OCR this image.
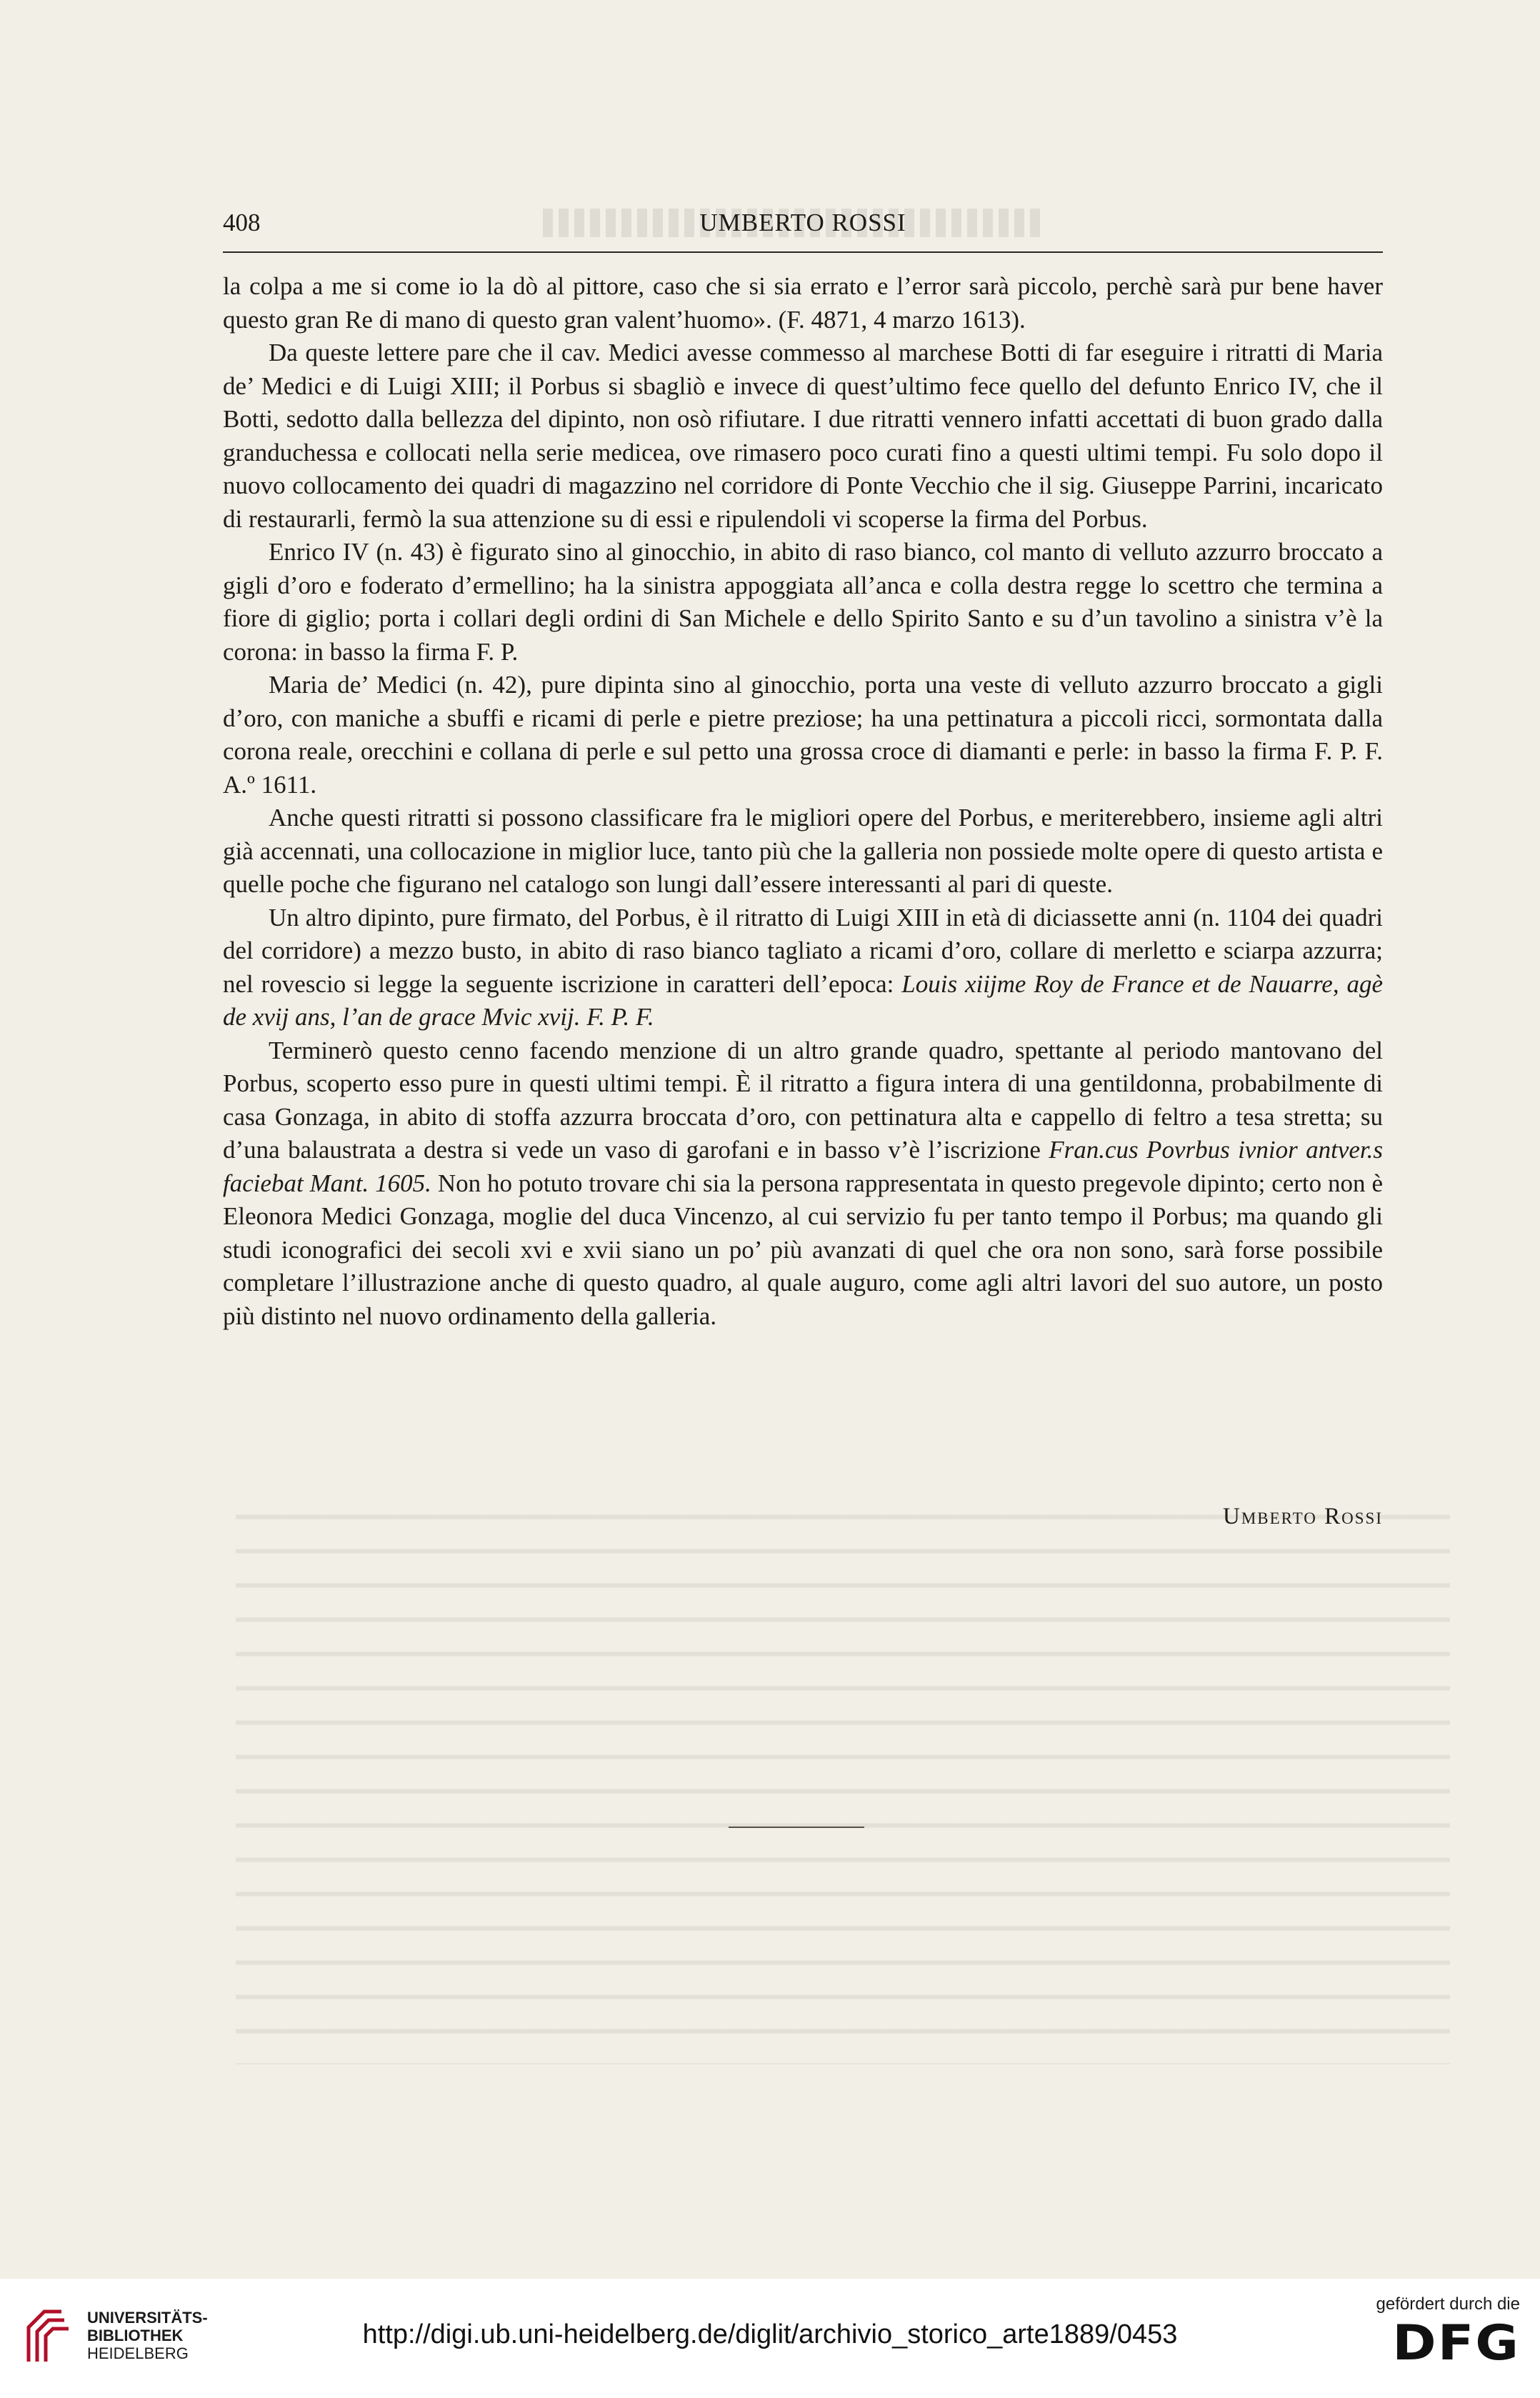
408	UMBERTO ROSSI

la colpa a me si come io la dò al pittore, caso che si sia errato e l’error sarà piccolo, perchè sarà pur bene haver questo gran Re di mano di questo gran valent’huomo». (F. 4871, 4 marzo 1613).

Da queste lettere pare che il cav. Medici avesse commesso al marchese Botti di far eseguire i ritratti di Maria de’ Medici e di Luigi XIII; il Porbus si sbagliò e invece di quest’ultimo fece quello del defunto Enrico IV, che il Botti, sedotto dalla bellezza del dipinto, non osò rifiutare. I due ritratti vennero infatti accettati di buon grado dalla granduchessa e collocati nella serie medicea, ove rimasero poco curati fino a questi ultimi tempi. Fu solo dopo il nuovo collocamento dei quadri di magazzino nel corridore di Ponte Vecchio che il sig. Giuseppe Parrini, incaricato di restaurarli, fermò la sua attenzione su di essi e ripulendoli vi scoperse la firma del Porbus.

Enrico IV (n. 43) è figurato sino al ginocchio, in abito di raso bianco, col manto di velluto azzurro broccato a gigli d’oro e foderato d’ermellino; ha la sinistra appoggiata all’anca e colla destra regge lo scettro che termina a fiore di giglio; porta i collari degli ordini di San Michele e dello Spirito Santo e su d’un tavolino a sinistra v’è la corona: in basso la firma F. P.

Maria de’ Medici (n. 42), pure dipinta sino al ginocchio, porta una veste di velluto azzurro broccato a gigli d’oro, con maniche a sbuffi e ricami di perle e pietre preziose; ha una pettinatura a piccoli ricci, sormontata dalla corona reale, orecchini e collana di perle e sul petto una grossa croce di diamanti e perle: in basso la firma F. P. F. A.º 1611.

Anche questi ritratti si possono classificare fra le migliori opere del Porbus, e meriterebbero, insieme agli altri già accennati, una collocazione in miglior luce, tanto più che la galleria non possiede molte opere di questo artista e quelle poche che figurano nel catalogo son lungi dall’essere interessanti al pari di queste.

Un altro dipinto, pure firmato, del Porbus, è il ritratto di Luigi XIII in età di diciassette anni (n. 1104 dei quadri del corridore) a mezzo busto, in abito di raso bianco tagliato a ricami d’oro, collare di merletto e sciarpa azzurra; nel rovescio si legge la seguente iscrizione in caratteri dell’epoca: Louis xiijme Roy de France et de Nauarre, agè de xvij ans, l’an de grace Mvic xvij. F. P. F.

Terminerò questo cenno facendo menzione di un altro grande quadro, spettante al periodo mantovano del Porbus, scoperto esso pure in questi ultimi tempi. È il ritratto a figura intera di una gentildonna, probabilmente di casa Gonzaga, in abito di stoffa azzurra broccata d’oro, con pettinatura alta e cappello di feltro a tesa stretta; su d’una balaustrata a destra si vede un vaso di garofani e in basso v’è l’iscrizione Fran.cus Povrbus ivnior antver.s faciebat Mant. 1605. Non ho potuto trovare chi sia la persona rappresentata in questo pregevole dipinto; certo non è Eleonora Medici Gonzaga, moglie del duca Vincenzo, al cui servizio fu per tanto tempo il Porbus; ma quando gli studi iconografici dei secoli xvi e xvii siano un po’ più avanzati di quel che ora non sono, sarà forse possibile completare l’illustrazione anche di questo quadro, al quale auguro, come agli altri lavori del suo autore, un posto più distinto nel nuovo ordinamento della galleria.

Umberto Rossi
UNIVERSITÄTS-
BIBLIOTHEK
HEIDELBERG
http://digi.ub.uni-heidelberg.de/diglit/archivio_storico_arte1889/0453
gefördert durch die
DFG
